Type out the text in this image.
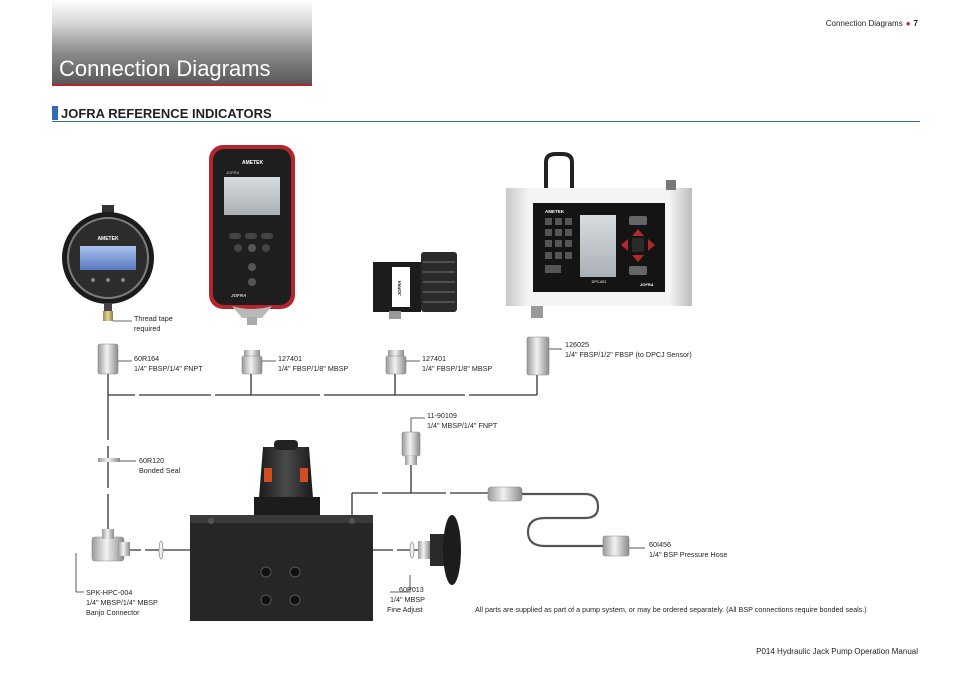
Connection Diagrams
Connection Diagrams ● 7
JOFRA REFERENCE INDICATORS
AMETEK
AMETEK
JOFRA
JOFRA	JOFRA
AMETEK
DPC-601	JOFRA
Thread tape
required
60R164
1/4" FBSP/1/4" FNPT
127401
1/4" FBSP/1/8" MBSP
127401
1/4" FBSP/1/8" MBSP
126025
1/4" FBSP/1/2" FBSP (to DPCJ Sensor)
11-90109
1/4" MBSP/1/4" FNPT
60R120
Bonded Seal
60I456
1/4" BSP Pressure Hose
SPK-HPC-004
1/4" MBSP/1/4" MBSP
Banjo Connector
60P013
1/4" MBSP
Fine Adjust	All parts are supplied as part of a pump system, or may be ordered separately. (All BSP connections require bonded seals.)
P014 Hydraulic Jack Pump Operation Manual
